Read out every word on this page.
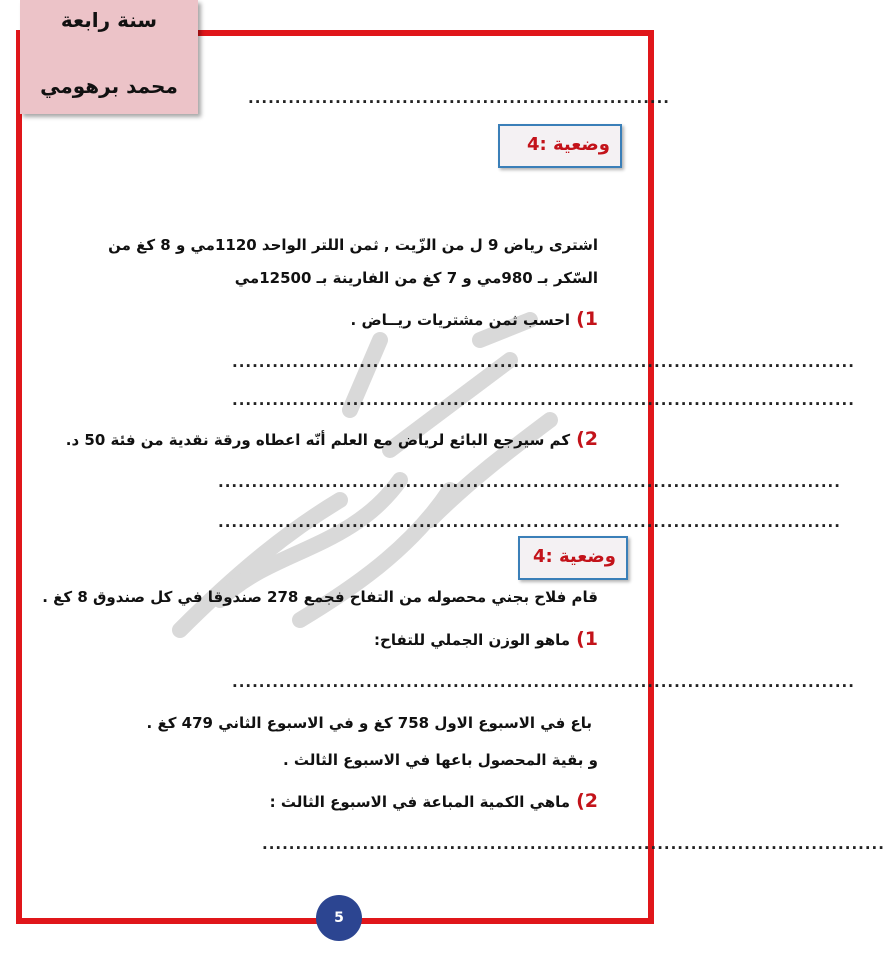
سنة رابعة
محمد برهومي	...............................................................
وضعية :4
اشترى رياض 9 ل من الزّيت , ثمن اللتر الواحد 1120مي و 8 كغ من
السّكر بـ 980مي و 7 كغ من الفارينة بـ 12500مي
1)احسب ثمن مشتريات ريــاض .
.............................................................................................
.............................................................................................
2)كم سيرجع البائع لرياض مع العلم أنّه اعطاه ورقة نقدية من فئة 50 د.
.............................................................................................
.............................................................................................
وضعية :4
قام فلاح بجني محصوله من التفاح فجمع 278 صندوقا في كل صندوق 8 كغ .
1)ماهو الوزن الجملي للتفاح:
.............................................................................................
باع في الاسبوع الاول 758 كغ و في الاسبوع الثاني 479 كغ .
و بقية المحصول باعها في الاسبوع الثالث .
2)ماهي الكمية المباعة في الاسبوع الثالث :
.............................................................................................
5
